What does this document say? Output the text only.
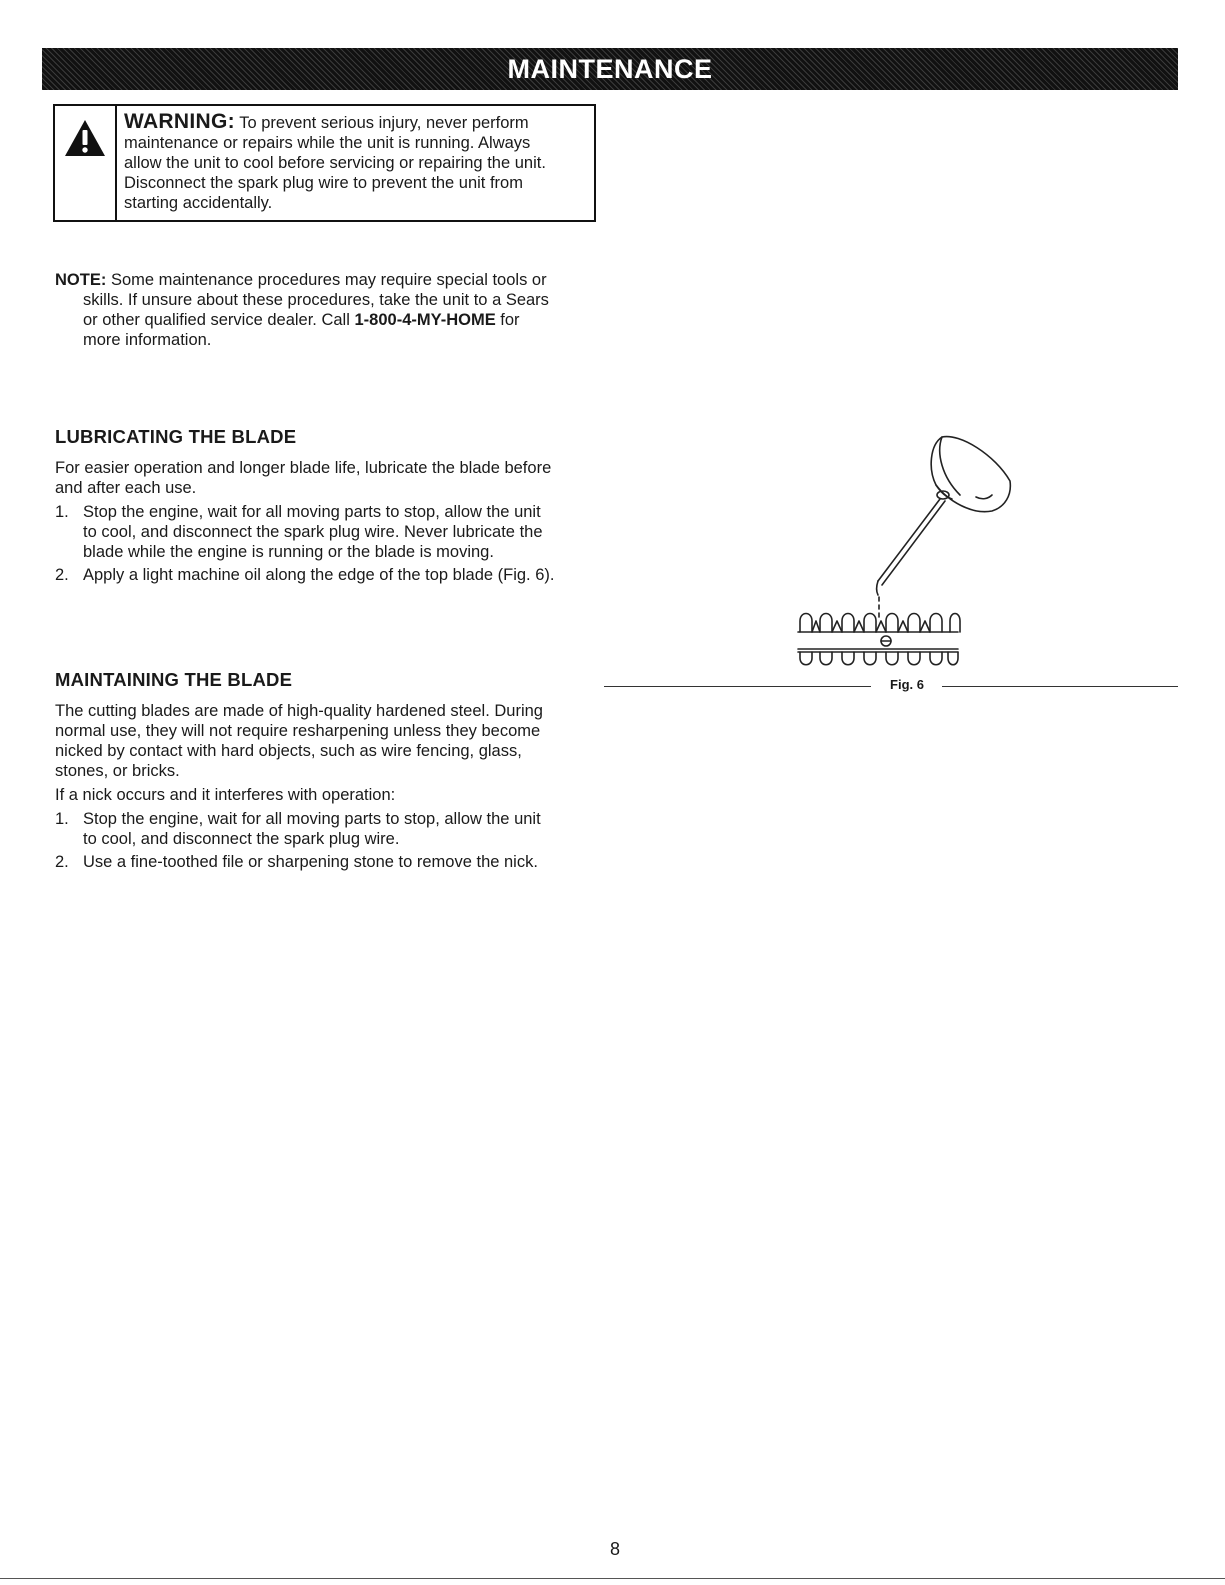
MAINTENANCE
WARNING: To prevent serious injury, never perform
maintenance or repairs while the unit is running. Always
allow the unit to cool before servicing or repairing the unit.
Disconnect the spark plug wire to prevent the unit from
starting accidentally.
NOTE: Some maintenance procedures may require special tools or
skills. If unsure about these procedures, take the unit to a Sears
or other qualified service dealer. Call 1-800-4-MY-HOME for
more information.
LUBRICATING THE BLADE

For easier operation and longer blade life, lubricate the blade before
and after each use.

1. Stop the engine, wait for all moving parts to stop, allow the unit
to cool, and disconnect the spark plug wire. Never lubricate the
blade while the engine is running or the blade is moving.
2. Apply a light machine oil along the edge of the top blade (Fig. 6).
MAINTAINING THE BLADE

The cutting blades are made of high-quality hardened steel. During
normal use, they will not require resharpening unless they become
nicked by contact with hard objects, such as wire fencing, glass,
stones, or bricks.

If a nick occurs and it interferes with operation:

1. Stop the engine, wait for all moving parts to stop, allow the unit
to cool, and disconnect the spark plug wire.
2. Use a fine-toothed file or sharpening stone to remove the nick.
Fig. 6
8
